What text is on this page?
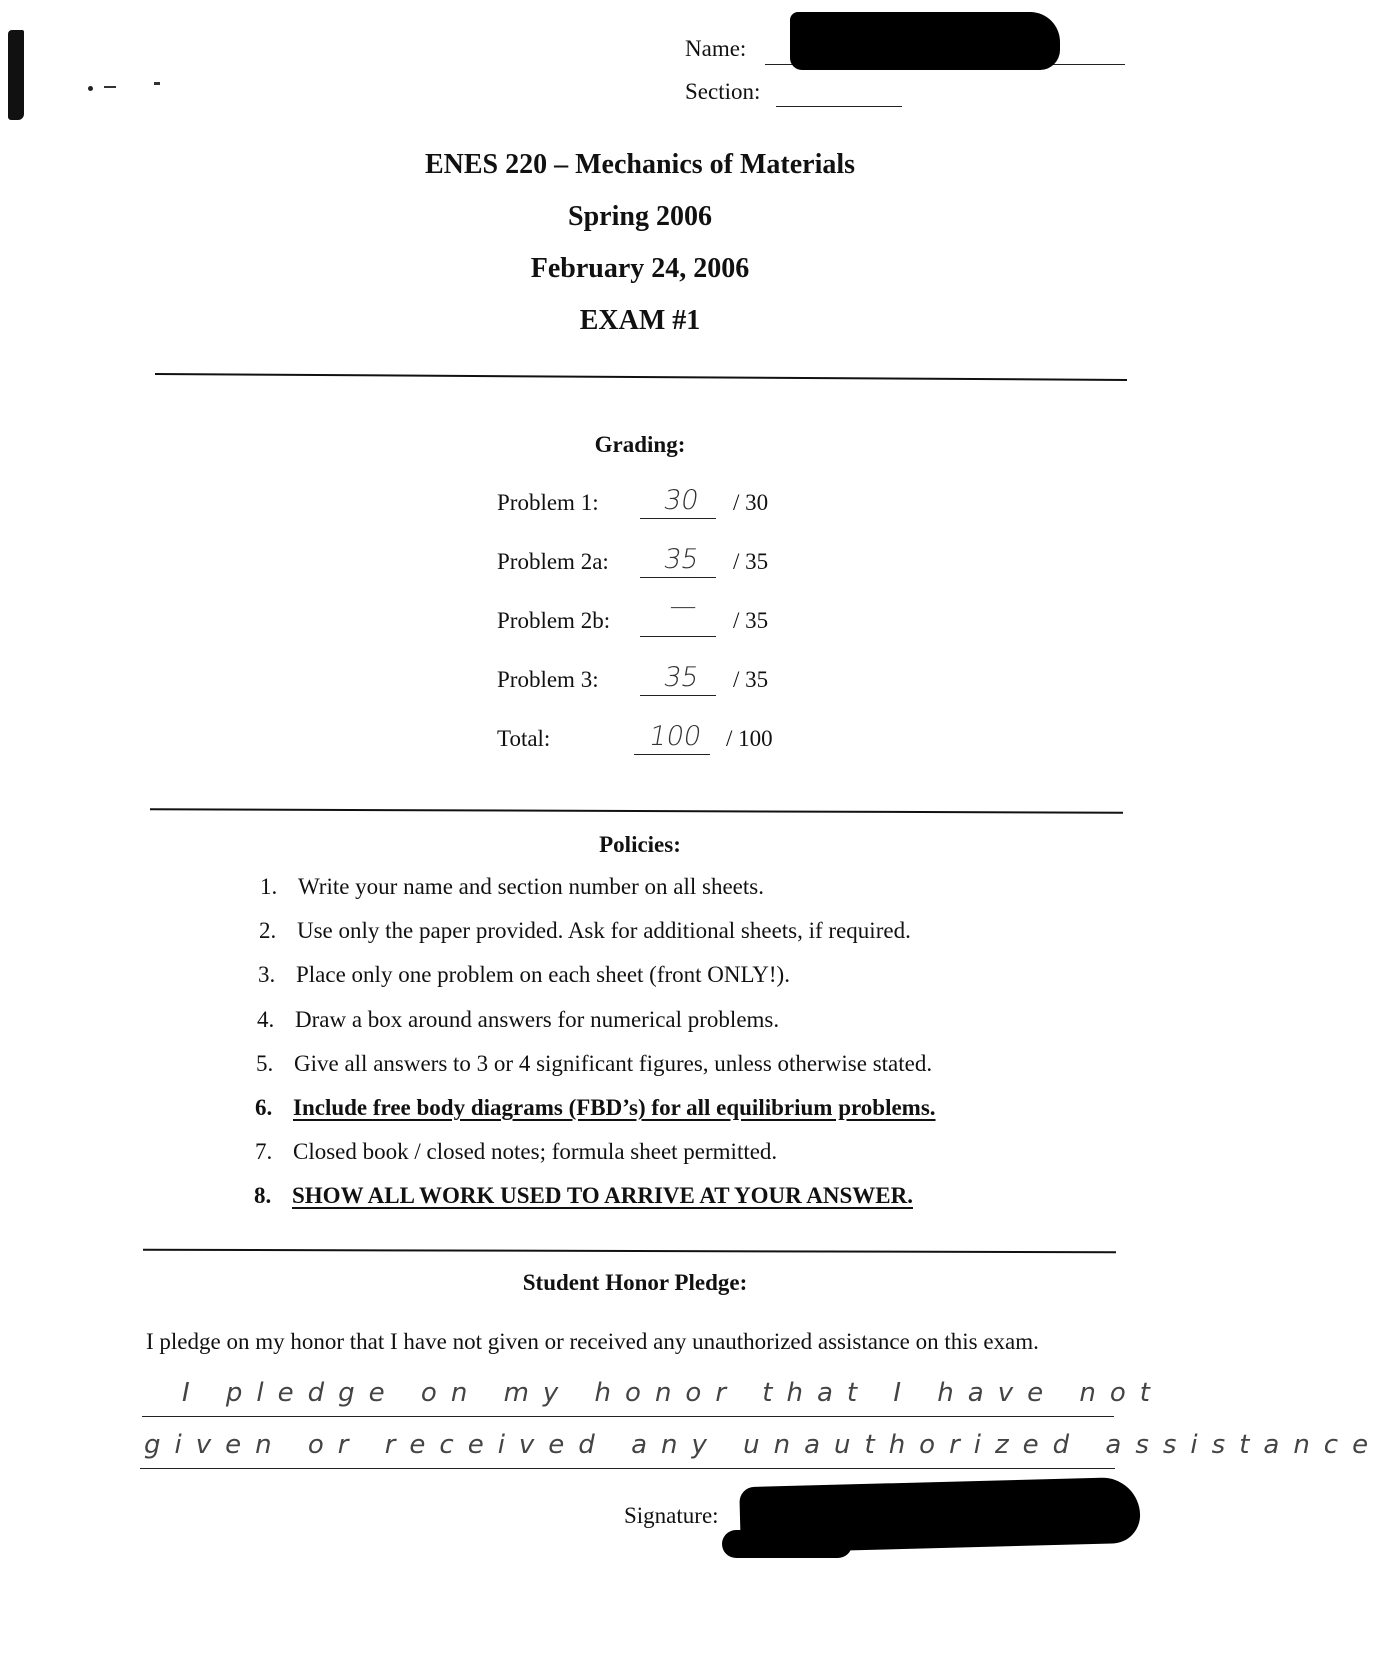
Name:
Section:
ENES 220 – Mechanics of Materials
Spring 2006
February 24, 2006
EXAM #1
Grading:
Problem 1:	30	/ 30
Problem 2a:	35	/ 35
Problem 2b:	—	/ 35
Problem 3:	35	/ 35
Total:	100 / 100
Policies:
1. Write your name and section number on all sheets.
2. Use only the paper provided. Ask for additional sheets, if required.
3. Place only one problem on each sheet (front ONLY!).
4. Draw a box around answers for numerical problems.
5. Give all answers to 3 or 4 significant figures, unless otherwise stated.
6. Include free body diagrams (FBD’s) for all equilibrium problems.
7. Closed book / closed notes; formula sheet permitted.
8. SHOW ALL WORK USED TO ARRIVE AT YOUR ANSWER.
Student Honor Pledge:
I pledge on my honor that I have not given or received any unauthorized assistance on this exam.
I pledge on my honor that I have not
given or received any unauthorized assistance
Signature:
